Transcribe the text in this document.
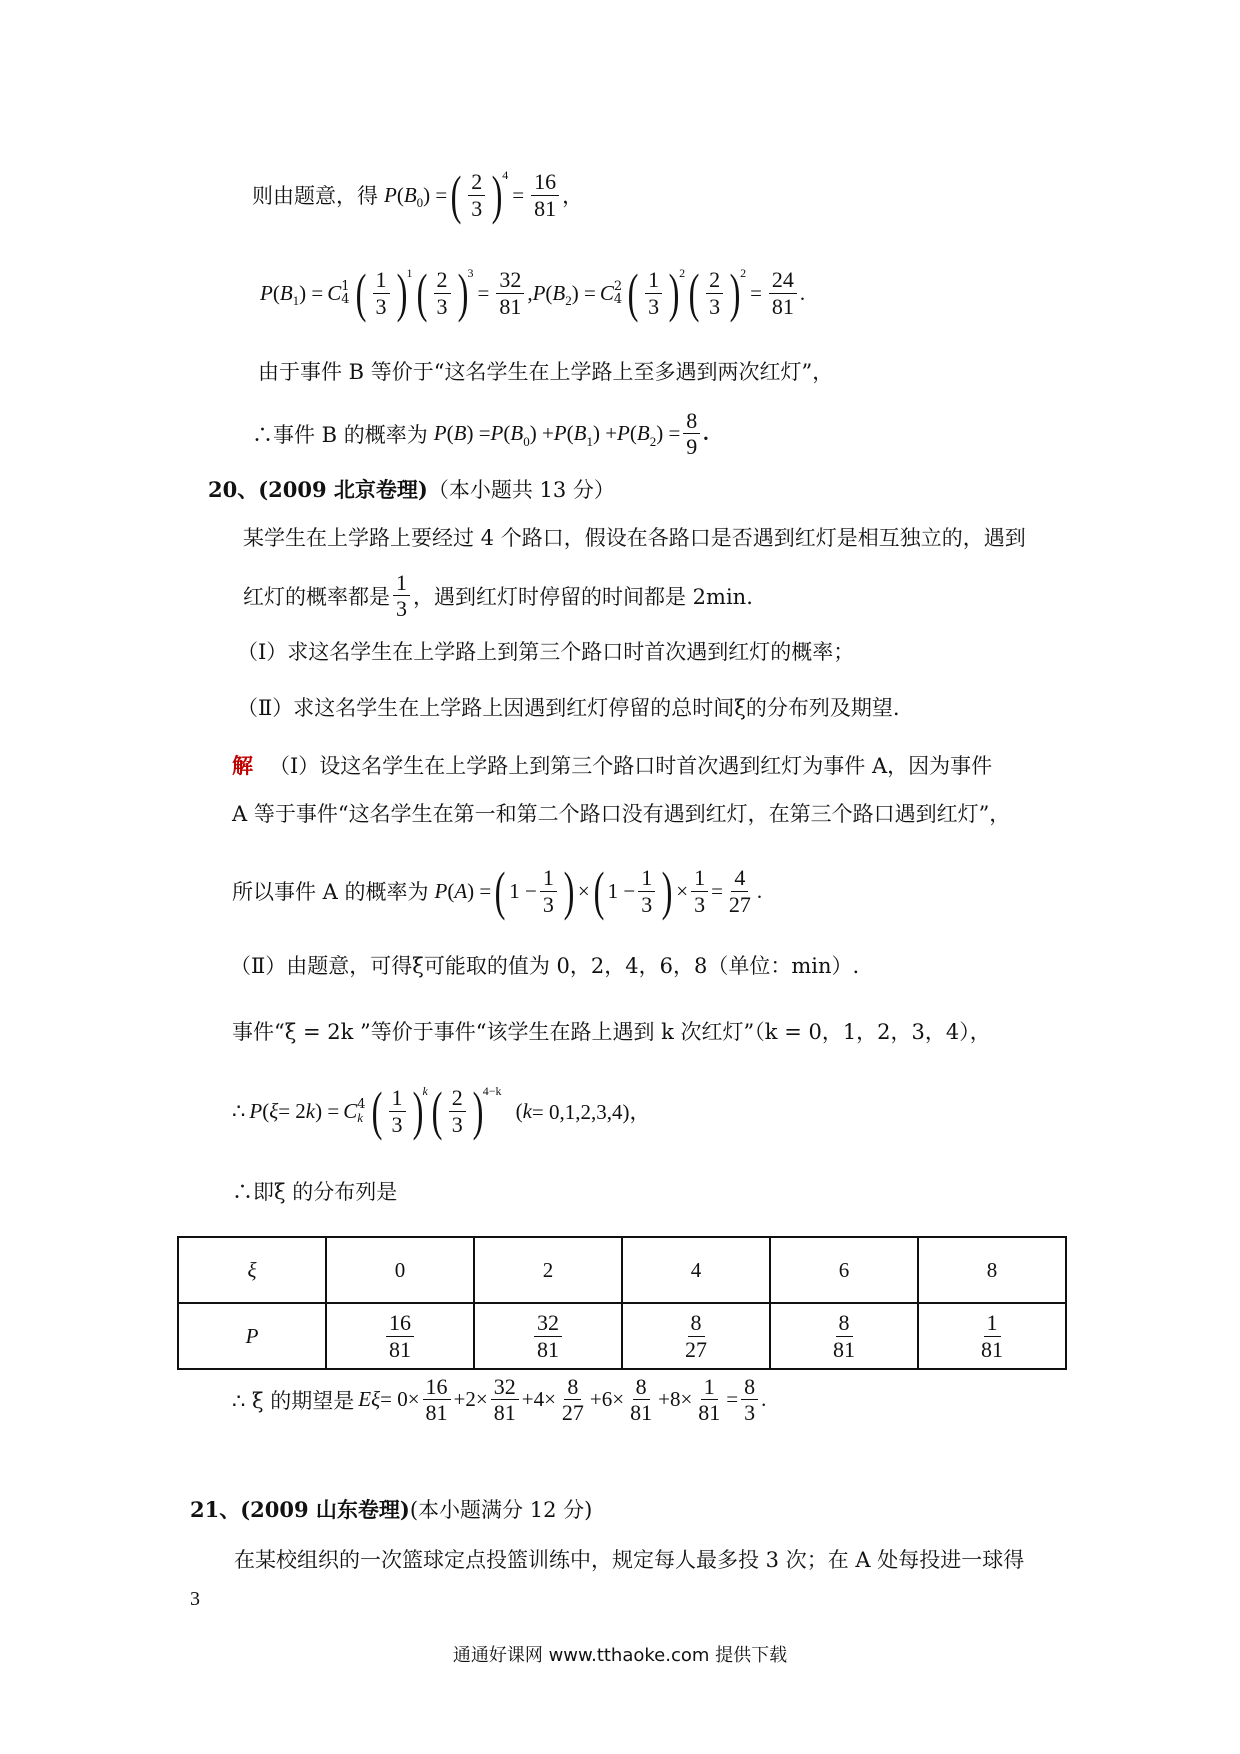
则由题意，得 P ( B 0 ) = ( $\frac{2}{3}$ ) 4
= $\frac{16}{81}$ ，
P ( B 1 ) = C 1
4 ( $\frac{1}{3}$ ) 1 ( $\frac{2}{3}$ ) 3
= $\frac{32}{81}$ , P ( B 2 ) = C 2
4 ( $\frac{1}{3}$ ) 2 ( $\frac{2}{3}$ ) 2
= $\frac{24}{81}$ .
由于事件 B 等价于“这名学生在上学路上至多遇到两次红灯”，
∴事件 B 的概率为 P ( B ) = P ( B 0 ) + P ( B 1 ) + P ( B 2 ) = $\frac{8}{9}$ .
20、(2009 北京卷理) （本小题共 13 分）
某学生在上学路上要经过 4 个路口，假设在各路口是否遇到红灯是相互独立的，遇到
红灯的概率都是 $\frac{1}{3}$ ，遇到红灯时停留的时间都是 2min.
（Ⅰ）求这名学生在上学路上到第三个路口时首次遇到红灯的概率；
（Ⅱ）求这名学生在上学路上因遇到红灯停留的总时间ξ的分布列及期望.
解 （Ⅰ）设这名学生在上学路上到第三个路口时首次遇到红灯为事件 A，因为事件
A 等于事件“这名学生在第一和第二个路口没有遇到红灯，在第三个路口遇到红灯”，
所以事件 A 的概率为 P ( A ) = ( $1 - \frac{1}{3}$ ) × ( $1 - \frac{1}{3}$ ) × $\frac{1}{3} = \frac{4}{27}$ .
（Ⅱ）由题意，可得ξ可能取的值为 0，2，4，6，8（单位：min）.
事件“ξ = 2k ”等价于事件“该学生在路上遇到 k 次红灯”（k = 0，1，2，3，4），
∴ P ( ξ = 2 k ) = C 4
k ( $\frac{1}{3}$ ) k ( $\frac{2}{3}$ ) 4−k
( k = 0,1,2,3,4)，
∴即ξ 的分布列是
ξ	0	2	4	6	8
P	$\frac{16}{81}$	$\frac{32}{81}$	$\frac{8}{27}$	$\frac{8}{81}$	$\frac{1}{81}$
∴ ξ 的期望是 $E\xi = 0\times \frac{16}{81} +2\times \frac{32}{81} +4\times \frac{8}{27} +6\times \frac{8}{81} +8\times \frac{1}{81} = \frac{8}{3}$ .
21、(2009 山东卷理) (本小题满分 12 分)
在某校组织的一次篮球定点投篮训练中，规定每人最多投 3 次；在 A 处每投进一球得
3
通通好课网 www.tthaoke.com 提供下载
